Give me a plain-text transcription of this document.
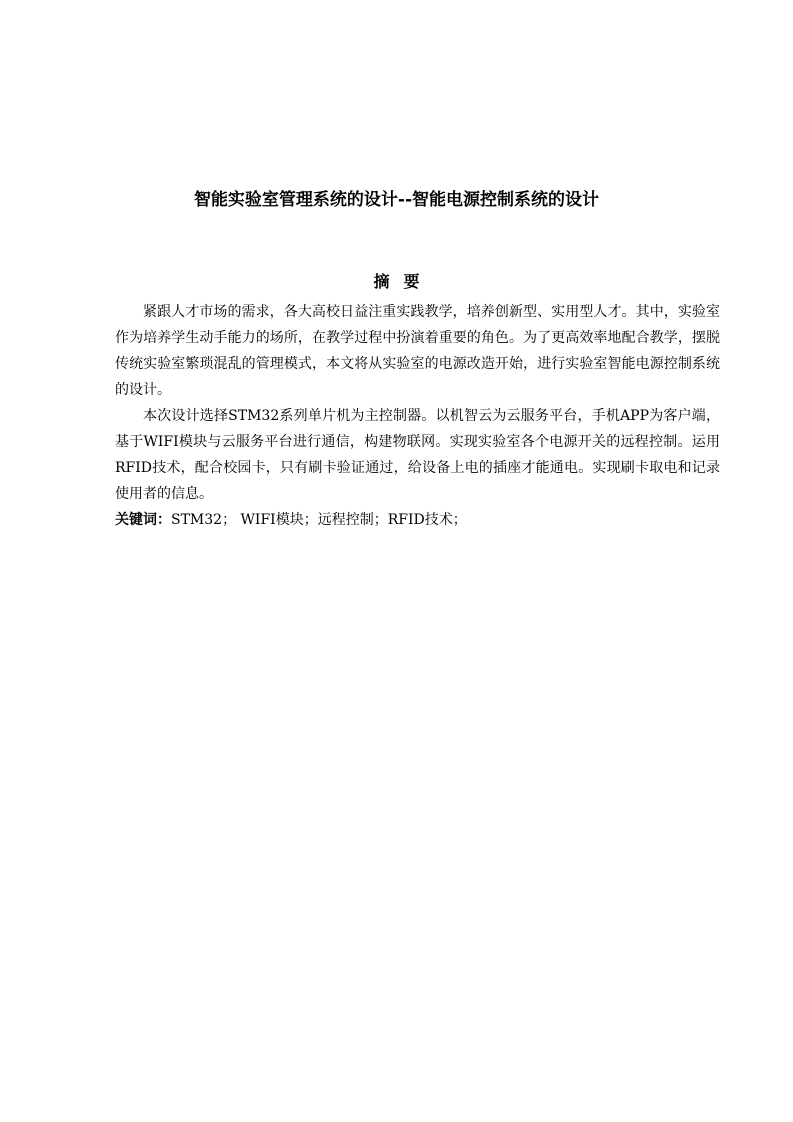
智能实验室管理系统的设计--智能电源控制系统的设计
摘要

紧跟人才市场的需求，各大高校日益注重实践教学，培养创新型、实用型人才。其中，实验室作为培养学生动手能力的场所，在教学过程中扮演着重要的角色。为了更高效率地配合教学，摆脱传统实验室繁琐混乱的管理模式，本文将从实验室的电源改造开始，进行实验室智能电源控制系统的设计。

本次设计选择STM32系列单片机为主控制器。以机智云为云服务平台，手机APP为客户端，基于WIFI模块与云服务平台进行通信，构建物联网。实现实验室各个电源开关的远程控制。运用RFID技术，配合校园卡，只有刷卡验证通过，给设备上电的插座才能通电。实现刷卡取电和记录使用者的信息。

关键词：STM32； WIFI模块；远程控制；RFID技术；
